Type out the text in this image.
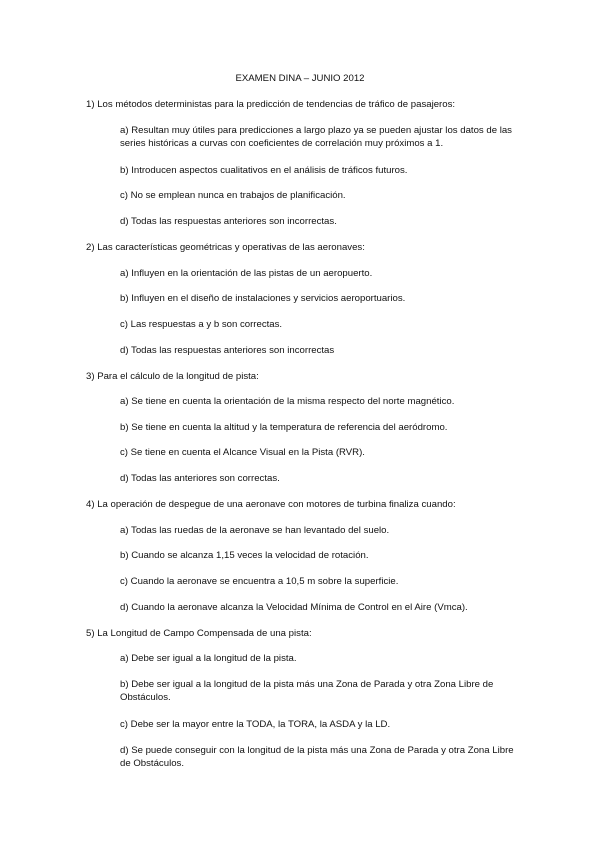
EXAMEN DINA – JUNIO 2012
1) Los métodos deterministas para la predicción de tendencias de tráfico de pasajeros:
a) Resultan muy útiles para predicciones a largo plazo ya se pueden ajustar los datos de las series históricas a curvas con coeficientes de correlación muy próximos a 1.
b) Introducen aspectos cualitativos en el análisis de tráficos futuros.
c) No se emplean nunca en trabajos de planificación.
d) Todas las respuestas anteriores son incorrectas.
2) Las características geométricas y operativas de las aeronaves:
a) Influyen en la orientación de las pistas de un aeropuerto.
b) Influyen en el diseño de instalaciones y servicios aeroportuarios.
c) Las respuestas a y b son correctas.
d) Todas las respuestas anteriores son incorrectas
3) Para el cálculo de la longitud de pista:
a) Se tiene en cuenta la orientación de la misma respecto del norte magnético.
b) Se tiene en cuenta la altitud y la temperatura de referencia del aeródromo.
c) Se tiene en cuenta el Alcance Visual en la Pista (RVR).
d) Todas las anteriores son correctas.
4) La operación de despegue de una aeronave con motores de turbina finaliza cuando:
a) Todas las ruedas de la aeronave se han levantado del suelo.
b) Cuando se alcanza 1,15 veces la velocidad de rotación.
c) Cuando la aeronave se encuentra a 10,5 m sobre la superficie.
d) Cuando la aeronave alcanza la Velocidad Mínima de Control en el Aire (Vmca).
5) La Longitud de Campo Compensada de una pista:
a) Debe ser igual a la longitud de la pista.
b) Debe ser igual a la longitud de la pista más una Zona de Parada y otra Zona Libre de Obstáculos.
c) Debe ser la mayor entre la TODA, la TORA, la ASDA y la LD.
d) Se puede conseguir con la longitud de la pista más una Zona de Parada y otra Zona Libre de Obstáculos.
